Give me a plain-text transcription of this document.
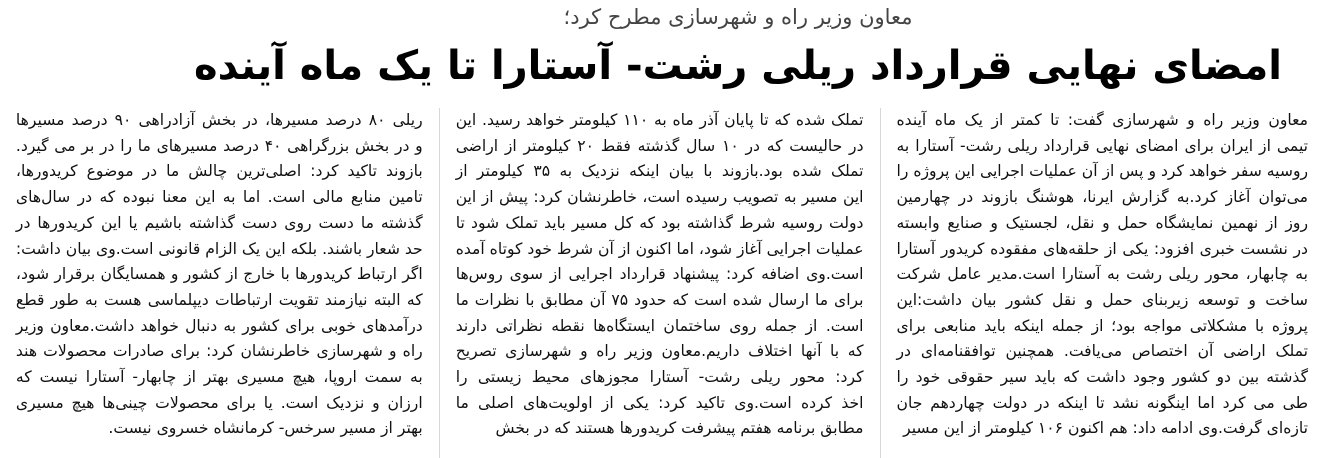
معاون وزیر راه و شهرسازی مطرح کرد؛
امضای نهایی قرارداد ریلی رشت- آستارا تا یک ماه آینده
معاون وزیر راه و شهرسازی گفت: تا کمتر از یک ماه آینده
تیمی از ایران برای امضای نهایی قرارداد ریلی رشت- آستارا به
روسیه سفر خواهد کرد و پس از آن عملیات اجرایی این پروژه را
می‌توان آغاز کرد.به گزارش ایرنا، هوشنگ بازوند در چهارمین
روز از نهمین نمایشگاه حمل و نقل، لجستیک و صنایع وابسته
در نشست خبری افزود: یکی از حلقه‌های مفقوده کریدور آستارا
به چابهار، محور ریلی رشت به آستارا است.مدیر عامل شرکت
ساخت و توسعه زیربنای حمل و نقل کشور بیان داشت:این
پروژه با مشکلاتی مواجه بود؛ از جمله اینکه باید منابعی برای
تملک اراضی آن اختصاص می‌یافت. همچنین توافقنامه‌ای در
گذشته بین دو کشور وجود داشت که باید سیر حقوقی خود را
طی می کرد اما اینگونه نشد تا اینکه در دولت چهاردهم جان
تازه‌ای گرفت.وی ادامه داد: هم اکنون ۱۰۶ کیلومتر از این مسیر
تملک شده که تا پایان آذر ماه به ۱۱۰ کیلومتر خواهد رسید. این
در حالیست که در ۱۰ سال گذشته فقط ۲۰ کیلومتر از اراضی
تملک شده بود.بازوند با بیان اینکه نزدیک به ۳۵ کیلومتر از
این مسیر به تصویب رسیده است، خاطرنشان کرد: پیش از این
دولت روسیه شرط گذاشته بود که کل مسیر باید تملک شود تا
عملیات اجرایی آغاز شود، اما اکنون از آن شرط خود کوتاه آمده
است.وی اضافه کرد: پیشنهاد قرارداد اجرایی از سوی روس‌ها
برای ما ارسال شده است که حدود ۷۵ آن مطابق با نظرات ما
است. از جمله روی ساختمان ایستگاه‌ها نقطه نظراتی دارند
که با آنها اختلاف داریم.معاون وزیر راه و شهرسازی تصریح
کرد: محور ریلی رشت- آستارا مجوزهای محیط زیستی را
اخذ کرده است.وی تاکید کرد: یکی از اولویت‌های اصلی ما
مطابق برنامه هفتم پیشرفت کریدورها هستند که در بخش
ریلی ۸۰ درصد مسیرها، در بخش آزادراهی ۹۰ درصد مسیرها
و در بخش بزرگراهی ۴۰ درصد مسیرهای ما را در بر می گیرد.
بازوند تاکید کرد: اصلی‌ترین چالش ما در موضوع کریدورها،
تامین منابع مالی است. اما به این معنا نبوده که در سال‌های
گذشته ما دست روی دست گذاشته باشیم یا این کریدورها در
حد شعار باشند. بلکه این یک الزام قانونی است.وی بیان داشت:
اگر ارتباط کریدورها با خارج از کشور و همسایگان برقرار شود،
که البته نیازمند تقویت ارتباطات دیپلماسی هست به طور قطع
درآمدهای خوبی برای کشور به دنبال خواهد داشت.معاون وزیر
راه و شهرسازی خاطرنشان کرد: برای صادرات محصولات هند
به سمت اروپا، هیچ مسیری بهتر از چابهار- آستارا نیست که
ارزان و نزدیک است. یا برای محصولات چینی‌ها هیچ مسیری
بهتر از مسیر سرخس- کرمانشاه خسروی نیست.
